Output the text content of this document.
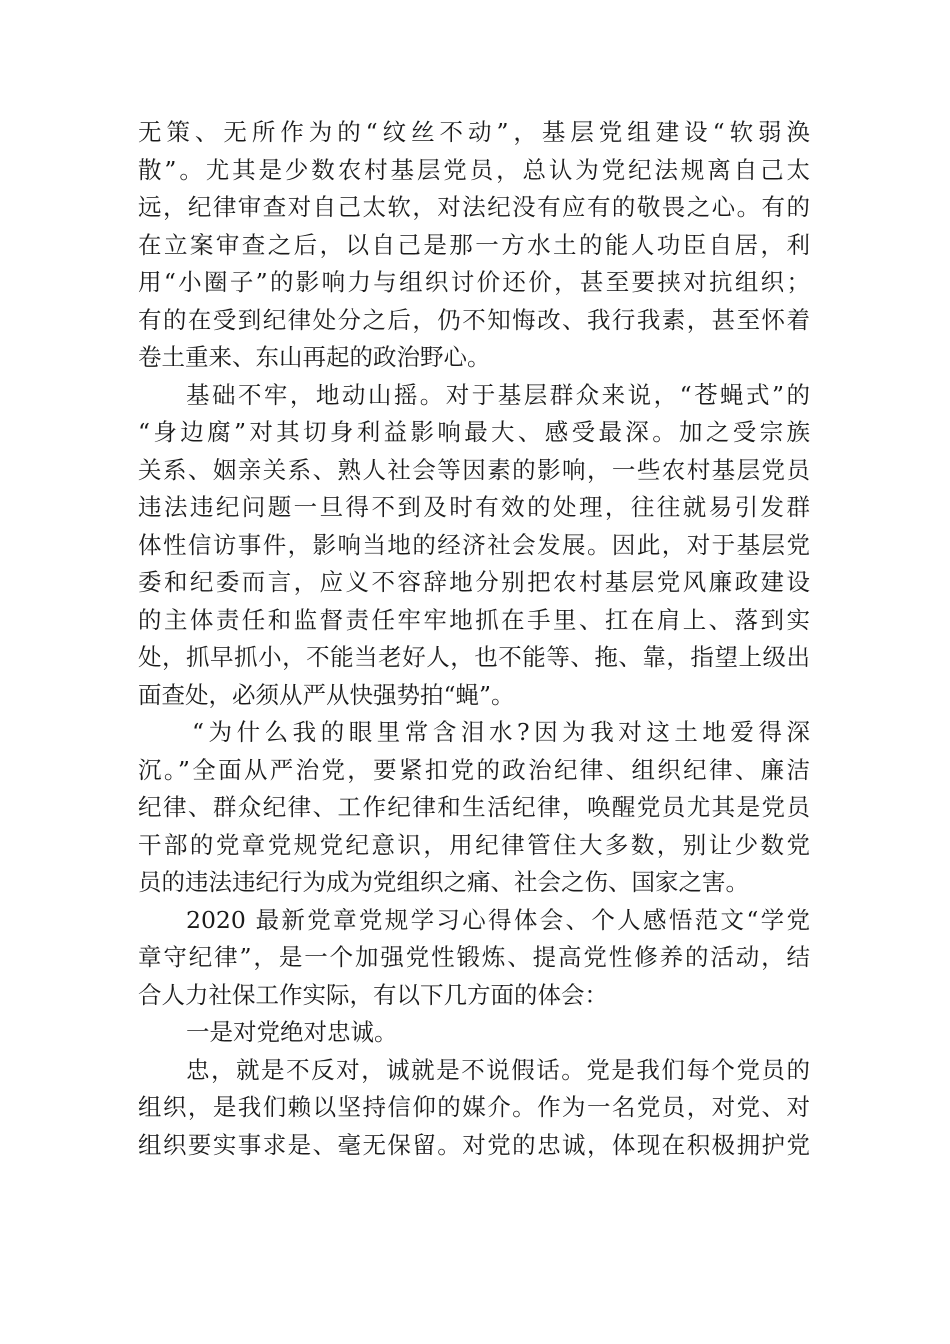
无策、无所作为的“纹丝不动”，基层党组建设“软弱涣
散”。尤其是少数农村基层党员，总认为党纪法规离自己太
远，纪律审查对自己太软，对法纪没有应有的敬畏之心。有的
在立案审查之后，以自己是那一方水土的能人功臣自居，利
用“小圈子”的影响力与组织讨价还价，甚至要挟对抗组织；
有的在受到纪律处分之后，仍不知悔改、我行我素，甚至怀着
卷土重来、东山再起的政治野心。
基础不牢，地动山摇。对于基层群众来说，“苍蝇式”的
“身边腐”对其切身利益影响最大、感受最深。加之受宗族
关系、姻亲关系、熟人社会等因素的影响，一些农村基层党员
违法违纪问题一旦得不到及时有效的处理，往往就易引发群
体性信访事件，影响当地的经济社会发展。因此，对于基层党
委和纪委而言，应义不容辞地分别把农村基层党风廉政建设
的主体责任和监督责任牢牢地抓在手里、扛在肩上、落到实
处，抓早抓小，不能当老好人，也不能等、拖、靠，指望上级出
面查处，必须从严从快强势拍“蝇”。
“为什么我的眼里常含泪水?因为我对这土地爱得深
沉。”全面从严治党，要紧扣党的政治纪律、组织纪律、廉洁
纪律、群众纪律、工作纪律和生活纪律，唤醒党员尤其是党员
干部的党章党规党纪意识，用纪律管住大多数，别让少数党
员的违法违纪行为成为党组织之痛、社会之伤、国家之害。
2020 最新党章党规学习心得体会、个人感悟范文“学党
章守纪律”，是一个加强党性锻炼、提高党性修养的活动，结
合人力社保工作实际，有以下几方面的体会：
一是对党绝对忠诚。
忠，就是不反对，诚就是不说假话。党是我们每个党员的
组织，是我们赖以坚持信仰的媒介。作为一名党员，对党、对
组织要实事求是、毫无保留。对党的忠诚，体现在积极拥护党
